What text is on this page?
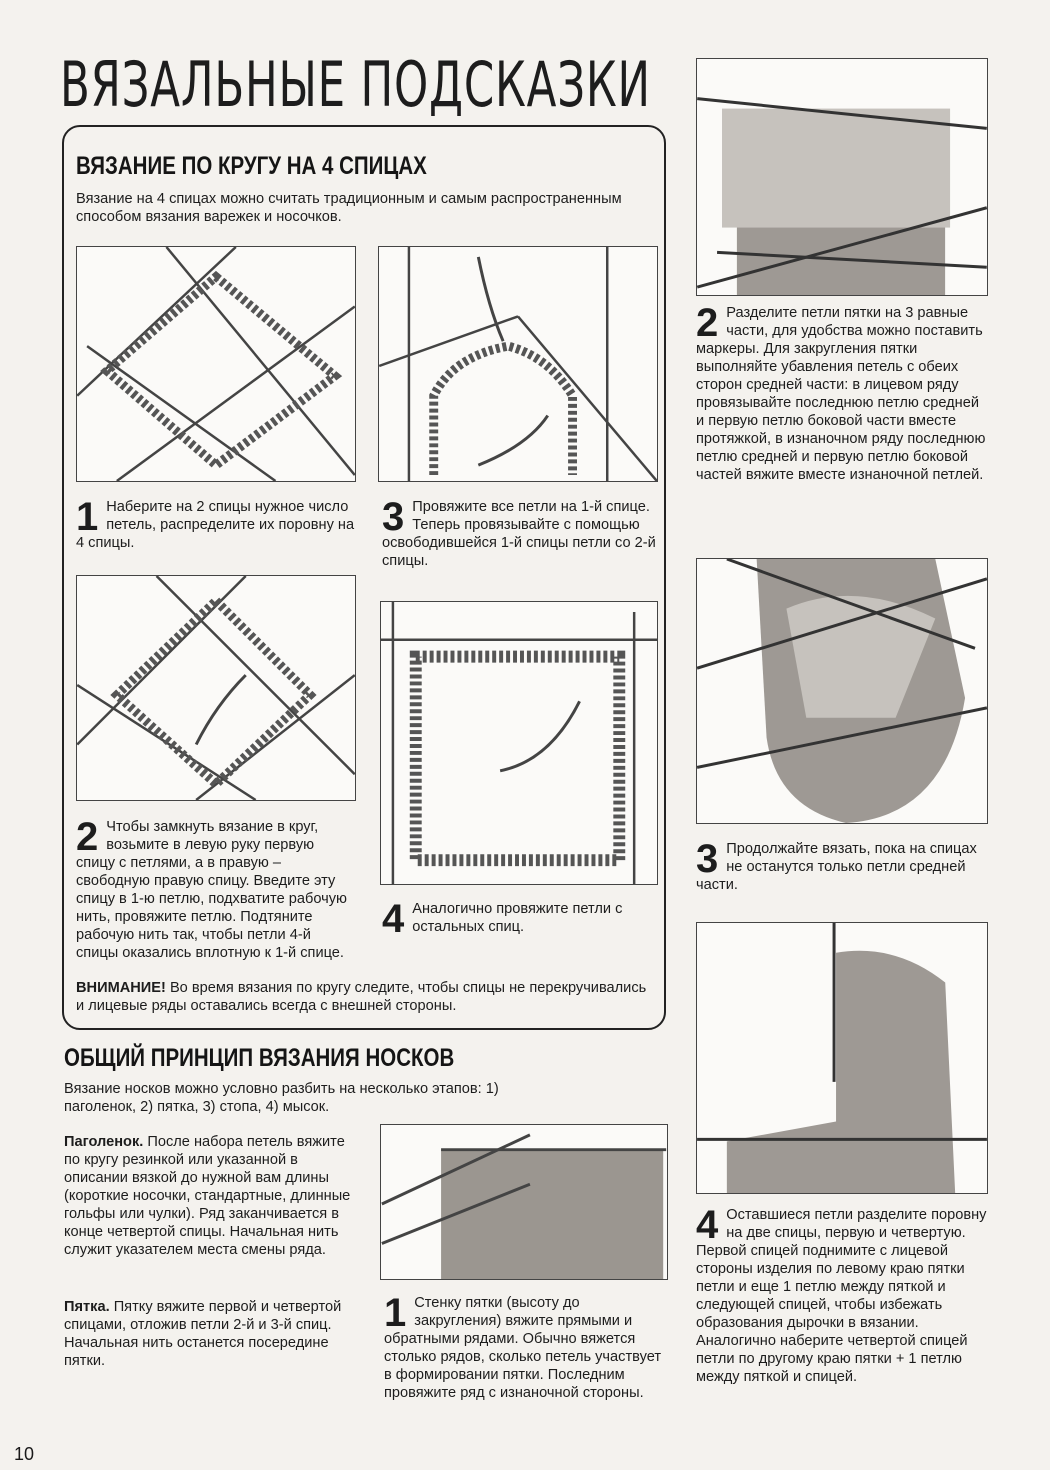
ВЯЗАЛЬНЫЕ ПОДСКАЗКИ
ВЯЗАНИЕ ПО КРУГУ НА 4 СПИЦАХ
Вязание на 4 спицах можно считать традиционным и самым распространенным способом вязания варежек и носочков.
1 Наберите на 2 спицы нужное число петель, распределите их поровну на 4 спицы.
3 Провяжите все петли на 1-й спице. Теперь провязывайте с помощью освободившейся 1-й спицы петли со 2-й спицы.
2 Чтобы замкнуть вязание в круг, возьмите в левую руку первую спицу с петлями, а в правую – свободную правую спицу. Введите эту спицу в 1-ю петлю, подхватите рабочую нить, провяжите петлю. Подтяните рабочую нить так, чтобы петли 4-й спицы оказались вплотную к 1-й спице.
4 Аналогично провяжите петли с остальных спиц.
ВНИМАНИЕ! Во время вязания по кругу следите, чтобы спицы не перекручивались и лицевые ряды оставались всегда с внешней стороны.
ОБЩИЙ ПРИНЦИП ВЯЗАНИЯ НОСКОВ
Вязание носков можно условно разбить на несколько этапов: 1) паголенок, 2) пятка, 3) стопа, 4) мысок.
Паголенок. После набора петель вяжите по кругу резинкой или указанной в описании вязкой до нужной вам длины (короткие носочки, стандартные, длинные гольфы или чулки). Ряд заканчивается в конце четвертой спицы. Начальная нить служит указателем места смены ряда.
Пятка. Пятку вяжите первой и четвертой спицами, отложив петли 2-й и 3-й спиц. Начальная нить останется посередине пятки.
1 Стенку пятки (высоту до закругления) вяжите прямыми и обратными рядами. Обычно вяжется столько рядов, сколько петель участвует в формировании пятки. Последним провяжите ряд с изнаночной стороны.
2 Разделите петли пятки на 3 равные части, для удобства можно поставить маркеры. Для закругления пятки выполняйте убавления петель с обеих сторон средней части: в лицевом ряду провязывайте последнюю петлю средней и первую петлю боковой части вместе протяжкой, в изнаночном ряду последнюю петлю средней и первую петлю боковой частей вяжите вместе изнаночной петлей.
3 Продолжайте вязать, пока на спицах не останутся только петли средней части.
4 Оставшиеся петли разделите поровну на две спицы, первую и четвертую. Первой спицей поднимите с лицевой стороны изделия по левому краю пятки петли и еще 1 петлю между пяткой и следующей спицей, чтобы избежать образования дырочки в вязании. Аналогично наберите четвертой спицей петли по другому краю пятки + 1 петлю между пяткой и спицей.
10
